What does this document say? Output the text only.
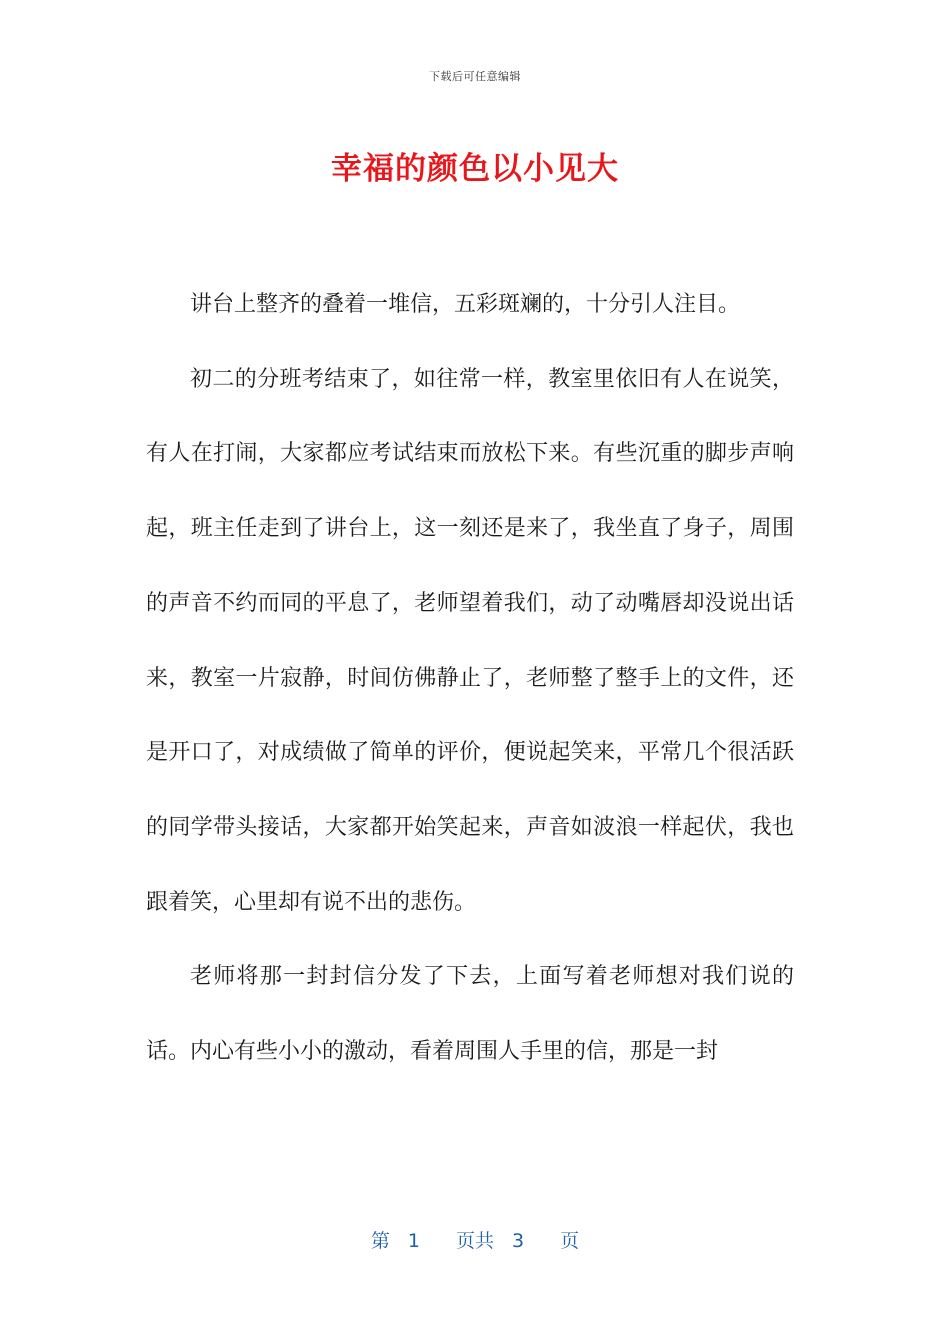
下载后可任意编辑
幸福的颜色以小见大

讲台上整齐的叠着一堆信，五彩斑斓的，十分引人注目。

初二的分班考结束了，如往常一样，教室里依旧有人在说笑，有人在打闹，大家都应考试结束而放松下来。有些沉重的脚步声响起，班主任走到了讲台上，这一刻还是来了，我坐直了身子，周围的声音不约而同的平息了，老师望着我们，动了动嘴唇却没说出话来，教室一片寂静，时间仿佛静止了，老师整了整手上的文件，还是开口了，对成绩做了简单的评价，便说起笑来，平常几个很活跃的同学带头接话，大家都开始笑起来，声音如波浪一样起伏，我也跟着笑，心里却有说不出的悲伤。

老师将那一封封信分发了下去，上面写着老师想对我们说的话。内心有些小小的激动，看着周围人手里的信，那是一封

第 1 页共 3 页
